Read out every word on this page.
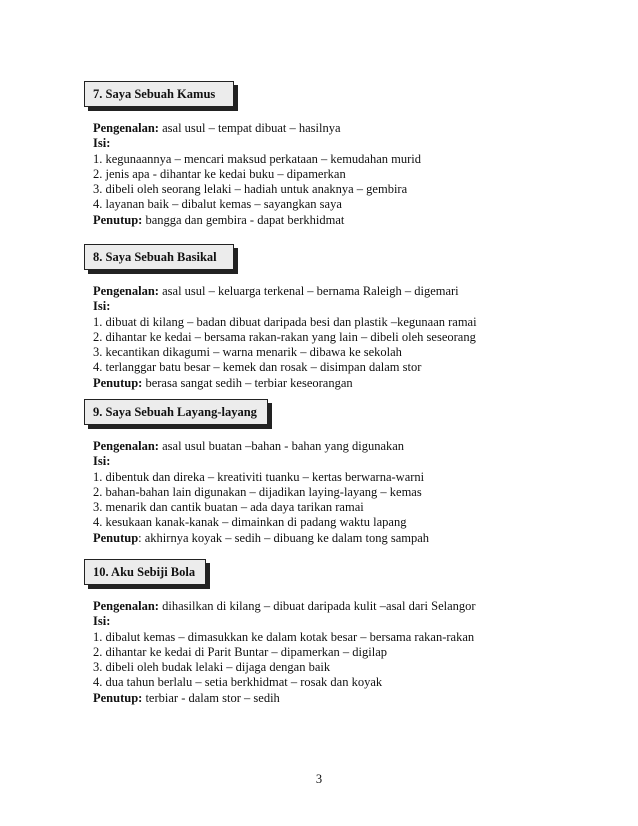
7. Saya Sebuah Kamus
Pengenalan: asal usul – tempat dibuat – hasilnya
Isi:
1. kegunaannya – mencari maksud perkataan – kemudahan murid
2. jenis apa - dihantar ke kedai buku – dipamerkan
3. dibeli oleh seorang lelaki – hadiah untuk anaknya – gembira
4. layanan baik – dibalut kemas – sayangkan saya
Penutup: bangga dan gembira - dapat berkhidmat
8. Saya Sebuah Basikal
Pengenalan: asal usul – keluarga terkenal – bernama Raleigh – digemari
Isi:
1. dibuat di kilang – badan dibuat daripada besi dan plastik –kegunaan ramai
2. dihantar ke kedai – bersama rakan-rakan yang lain – dibeli oleh seseorang
3. kecantikan dikagumi – warna menarik – dibawa ke sekolah
4. terlanggar batu besar – kemek dan rosak – disimpan dalam stor
Penutup: berasa sangat sedih – terbiar keseorangan
9. Saya Sebuah Layang-layang
Pengenalan: asal usul buatan –bahan - bahan yang digunakan
Isi:
1. dibentuk dan direka – kreativiti tuanku – kertas berwarna-warni
2. bahan-bahan lain digunakan – dijadikan laying-layang – kemas
3. menarik dan cantik buatan – ada daya tarikan ramai
4. kesukaan kanak-kanak – dimainkan di padang waktu lapang
Penutup: akhirnya koyak – sedih – dibuang ke dalam tong sampah
10. Aku Sebiji Bola
Pengenalan: dihasilkan di kilang – dibuat daripada kulit –asal dari Selangor
Isi:
1. dibalut kemas – dimasukkan ke dalam kotak besar – bersama rakan-rakan
2. dihantar ke kedai di Parit Buntar – dipamerkan – digilap
3. dibeli oleh budak lelaki – dijaga dengan baik
4. dua tahun berlalu – setia berkhidmat – rosak dan koyak
Penutup: terbiar - dalam stor – sedih
3
